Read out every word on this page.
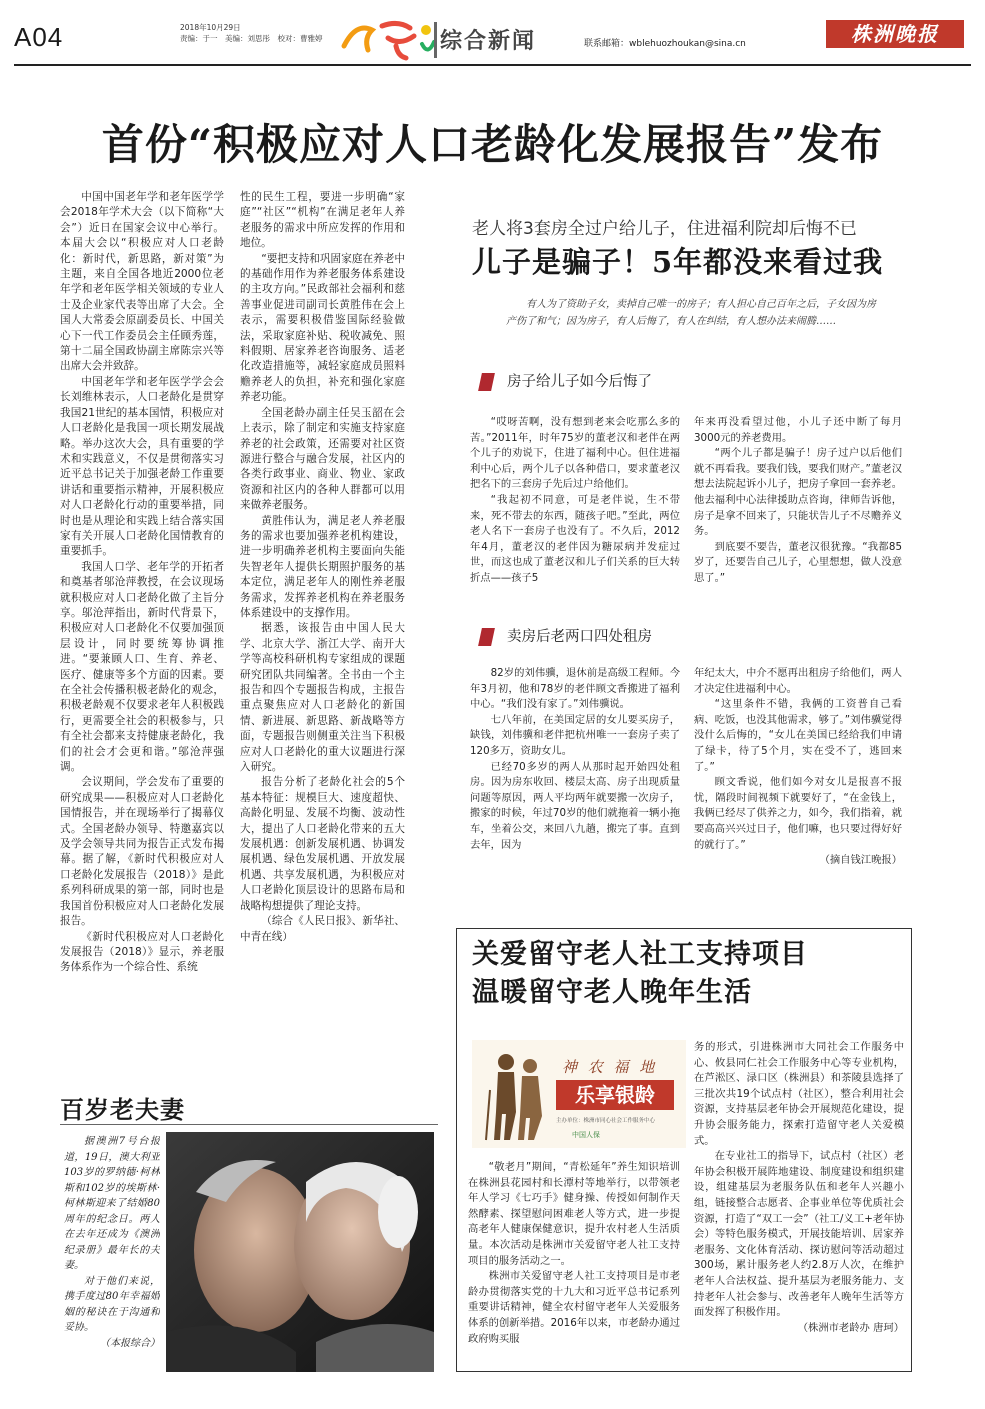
A04	2018年10月29日
责编：于一　美编：刘思彤　校对：曹雅婷	综合新闻	联系邮箱：wblehuozhoukan@sina.cn	株洲晚报
首份“积极应对人口老龄化发展报告”发布

中国中国老年学和老年医学学会2018年学术大会（以下简称“大会”）近日在国家会议中心举行。本届大会以“积极应对人口老龄化：新时代，新思路，新对策”为主题，来自全国各地近2000位老年学和老年医学相关领域的专业人士及企业家代表等出席了大会。全国人大常委会原副委员长、中国关心下一代工作委员会主任顾秀莲，第十二届全国政协副主席陈宗兴等出席大会并致辞。

中国老年学和老年医学学会会长刘维林表示，人口老龄化是贯穿我国21世纪的基本国情，积极应对人口老龄化是我国一项长期发展战略。举办这次大会，具有重要的学术和实践意义，不仅是贯彻落实习近平总书记关于加强老龄工作重要讲话和重要指示精神，开展积极应对人口老龄化行动的重要举措，同时也是从理论和实践上结合落实国家有关开展人口老龄化国情教育的重要抓手。

我国人口学、老年学的开拓者和奠基者邬沧萍教授，在会议现场就积极应对人口老龄化做了主旨分享。邬沧萍指出，新时代背景下，积极应对人口老龄化不仅要加强顶层设计，同时要统筹协调推进。“要兼顾人口、生育、养老、医疗、健康等多个方面的因素。要在全社会传播积极老龄化的观念，积极老龄观不仅要求老年人积极践行，更需要全社会的积极参与，只有全社会都来支持健康老龄化，我们的社会才会更和谐。”邬沧萍强调。

会议期间，学会发布了重要的研究成果——积极应对人口老龄化国情报告，并在现场举行了揭幕仪式。全国老龄办领导、特邀嘉宾以及学会领导共同为报告正式发布揭幕。据了解，《新时代积极应对人口老龄化发展报告（2018）》是此系列科研成果的第一部，同时也是我国首份积极应对人口老龄化发展报告。

《新时代积极应对人口老龄化发展报告（2018）》显示，养老服务体系作为一个综合性、系统

性的民生工程，要进一步明确“家庭”“社区”“机构”在满足老年人养老服务的需求中所应发挥的作用和地位。

“要把支持和巩固家庭在养老中的基础作用作为养老服务体系建设的主攻方向。”民政部社会福利和慈善事业促进司副司长黄胜伟在会上表示，需要积极借鉴国际经验做法，采取家庭补贴、税收减免、照料假期、居家养老咨询服务、适老化改造措施等，减轻家庭成员照料赡养老人的负担，补充和强化家庭养老功能。

全国老龄办副主任吴玉韶在会上表示，除了制定和实施支持家庭养老的社会政策，还需要对社区资源进行整合与融合发展，社区内的各类行政事业、商业、物业、家政资源和社区内的各种人群都可以用来做养老服务。

黄胜伟认为，满足老人养老服务的需求也要加强养老机构建设，进一步明确养老机构主要面向失能失智老年人提供长期照护服务的基本定位，满足老年人的刚性养老服务需求，发挥养老机构在养老服务体系建设中的支撑作用。

据悉，该报告由中国人民大学、北京大学、浙江大学、南开大学等高校科研机构专家组成的课题研究团队共同编著。全书由一个主报告和四个专题报告构成，主报告重点聚焦应对人口老龄化的新国情、新进展、新思路、新战略等方面，专题报告则侧重关注当下积极应对人口老龄化的重大议题进行深入研究。

报告分析了老龄化社会的5个基本特征：规模巨大、速度超快、高龄化明显、发展不均衡、波动性大，提出了人口老龄化带来的五大发展机遇：创新发展机遇、协调发展机遇、绿色发展机遇、开放发展机遇、共享发展机遇，为积极应对人口老龄化顶层设计的思路布局和战略构想提供了理论支持。

（综合《人民日报》、新华社、中青在线）

老人将3套房全过户给儿子，住进福利院却后悔不已
儿子是骗子！5年都没来看过我
有人为了资助子女，卖掉自己唯一的房子；有人担心自己百年之后，子女因为房产伤了和气；因为房子，有人后悔了，有人在纠结，有人想办法来闹腾……
房子给儿子如今后悔了

“哎呀苦啊，没有想到老来会吃那么多的苦。”2011年，时年75岁的董老汉和老伴在两个儿子的劝说下，住进了福利中心。但住进福利中心后，两个儿子以各种借口，要求董老汉把名下的三套房子先后过户给他们。

“我起初不同意，可是老伴说，生不带来，死不带去的东西，随孩子吧。”至此，两位老人名下一套房子也没有了。不久后，2012年4月，董老汉的老伴因为糖尿病并发症过世，而这也成了董老汉和儿子们关系的巨大转折点——孩子5

年来再没看望过他，小儿子还中断了每月3000元的养老费用。

“两个儿子都是骗子！房子过户以后他们就不再看我。要我们钱，要我们财产。”董老汉想去法院起诉小儿子，把房子拿回一套养老。他去福利中心法律援助点咨询，律师告诉他，房子是拿不回来了，只能状告儿子不尽赡养义务。

到底要不要告，董老汉很犹豫。“我都85岁了，还要告自己儿子，心里想想，做人没意思了。”

卖房后老两口四处租房

82岁的刘伟骥，退休前是高级工程师。今年3月初，他和78岁的老伴顾文香搬进了福利中心。“我们没有家了。”刘伟骥说。

七八年前，在美国定居的女儿要买房子，缺钱，刘伟骥和老伴把杭州唯一一套房子卖了120多万，资助女儿。

已经70多岁的两人从那时起开始四处租房。因为房东收回、楼层太高、房子出现质量问题等原因，两人平均两年就要搬一次房子，搬家的时候，年过70岁的他们就拖着一辆小拖车，坐着公交，来回八九趟，搬完了事。直到去年，因为

年纪太大，中介不愿再出租房子给他们，两人才决定住进福利中心。

“这里条件不错，我俩的工资普自己看病、吃饭，也没其他需求，够了。”刘伟骥觉得没什么后悔的，“女儿在美国已经给我们申请了绿卡，待了5个月，实在受不了，逃回来了。”

顾文香说，他们如今对女儿是报喜不报忧，隔段时间视频下就要好了，“在金钱上，我俩已经尽了供养之力，如今，我们指着，就要高高兴兴过日子，他们嘛，也只要过得好好的就行了。”

（摘自钱江晚报）

关爱留守老人社工支持项目
温暖留守老人晚年生活
神 农 福 地
乐享银龄
主办单位：株洲市同心社会工作服务中心
中国人保

“敬老月”期间，“青松延年”养生知识培训在株洲县花园村和长潭村等地举行，以带领老年人学习《七巧手》健身操、传授如何制作天然酵素、探望慰问困难老人等方式，进一步提高老年人健康保健意识，提升农村老人生活质量。本次活动是株洲市关爱留守老人社工支持项目的服务活动之一。

株洲市关爱留守老人社工支持项目是市老龄办贯彻落实党的十九大和习近平总书记系列重要讲话精神，健全农村留守老年人关爱服务体系的创新举措。2016年以来，市老龄办通过政府购买服

务的形式，引进株洲市大同社会工作服务中心、攸县同仁社会工作服务中心等专业机构，在芦淞区、渌口区（株洲县）和茶陵县选择了三批次共19个试点村（社区），整合利用社会资源，支持基层老年协会开展规范化建设，提升协会服务能力，探索打造留守老人关爱模式。

在专业社工的指导下，试点村（社区）老年协会积极开展阵地建设、制度建设和组织建设，组建基层为老服务队伍和老年人兴趣小组，链接整合志愿者、企事业单位等优质社会资源，打造了“双工一会”（社工/义工+老年协会）等特色服务模式，开展技能培训、居家养老服务、文化体育活动、探访慰问等活动超过300场，累计服务老人约2.8万人次，在维护老年人合法权益、提升基层为老服务能力、支持老年人社会参与、改善老年人晚年生活等方面发挥了积极作用。

（株洲市老龄办 唐珂）

百岁老夫妻

据澳洲7号台报道，19日，澳大利亚103岁的罗纳德·柯林斯和102岁的埃斯林·柯林斯迎来了结婚80周年的纪念日。两人在去年还成为《澳洲纪录册》最年长的夫妻。

对于他们来说，携手度过80年幸福婚姻的秘诀在于沟通和妥协。

（本报综合）
